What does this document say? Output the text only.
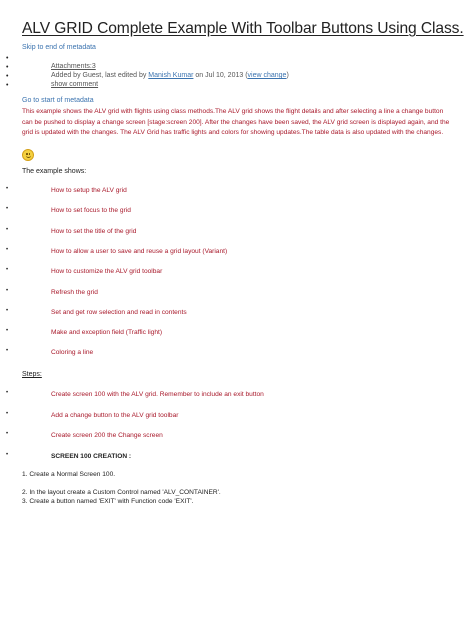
ALV GRID Complete Example With Toolbar Buttons Using Class.
Skip to end of metadata
•
•	Attachments:3
•	Added by Guest, last edited by Manish Kumar on Jul 10, 2013 (view change)
•	show comment
Go to start of metadata
This example shows the ALV grid with flights using class methods.The ALV grid shows the flight details and after selecting a line a change button can be pushed to display a change screen [stage:screen 200]. After the changes have been saved, the ALV grid screen is displayed again, and the grid is updated with the changes. The ALV Grid has traffic lights and colors for showing updates.The table data is also updated with the changes.
The example shows:
•	How to setup the ALV grid
•	How to set focus to the grid
•	How to set the title of the grid
•	How to allow a user to save and reuse a grid layout (Variant)
•	How to customize the ALV grid toolbar
•	Refresh the grid
•	Set and get row selection and read in contents
•	Make and exception field (Traffic light)
•	Coloring a line
Steps:
•	Create screen 100 with the ALV grid. Remember to include an exit button
•	Add a change button to the ALV grid toolbar
•	Create screen 200 the Change screen
•	SCREEN 100 CREATION :
1. Create a Normal Screen 100.
2. In the layout create a Custom Control named 'ALV_CONTAINER'.
3. Create a button named 'EXIT' with Function code 'EXIT'.
